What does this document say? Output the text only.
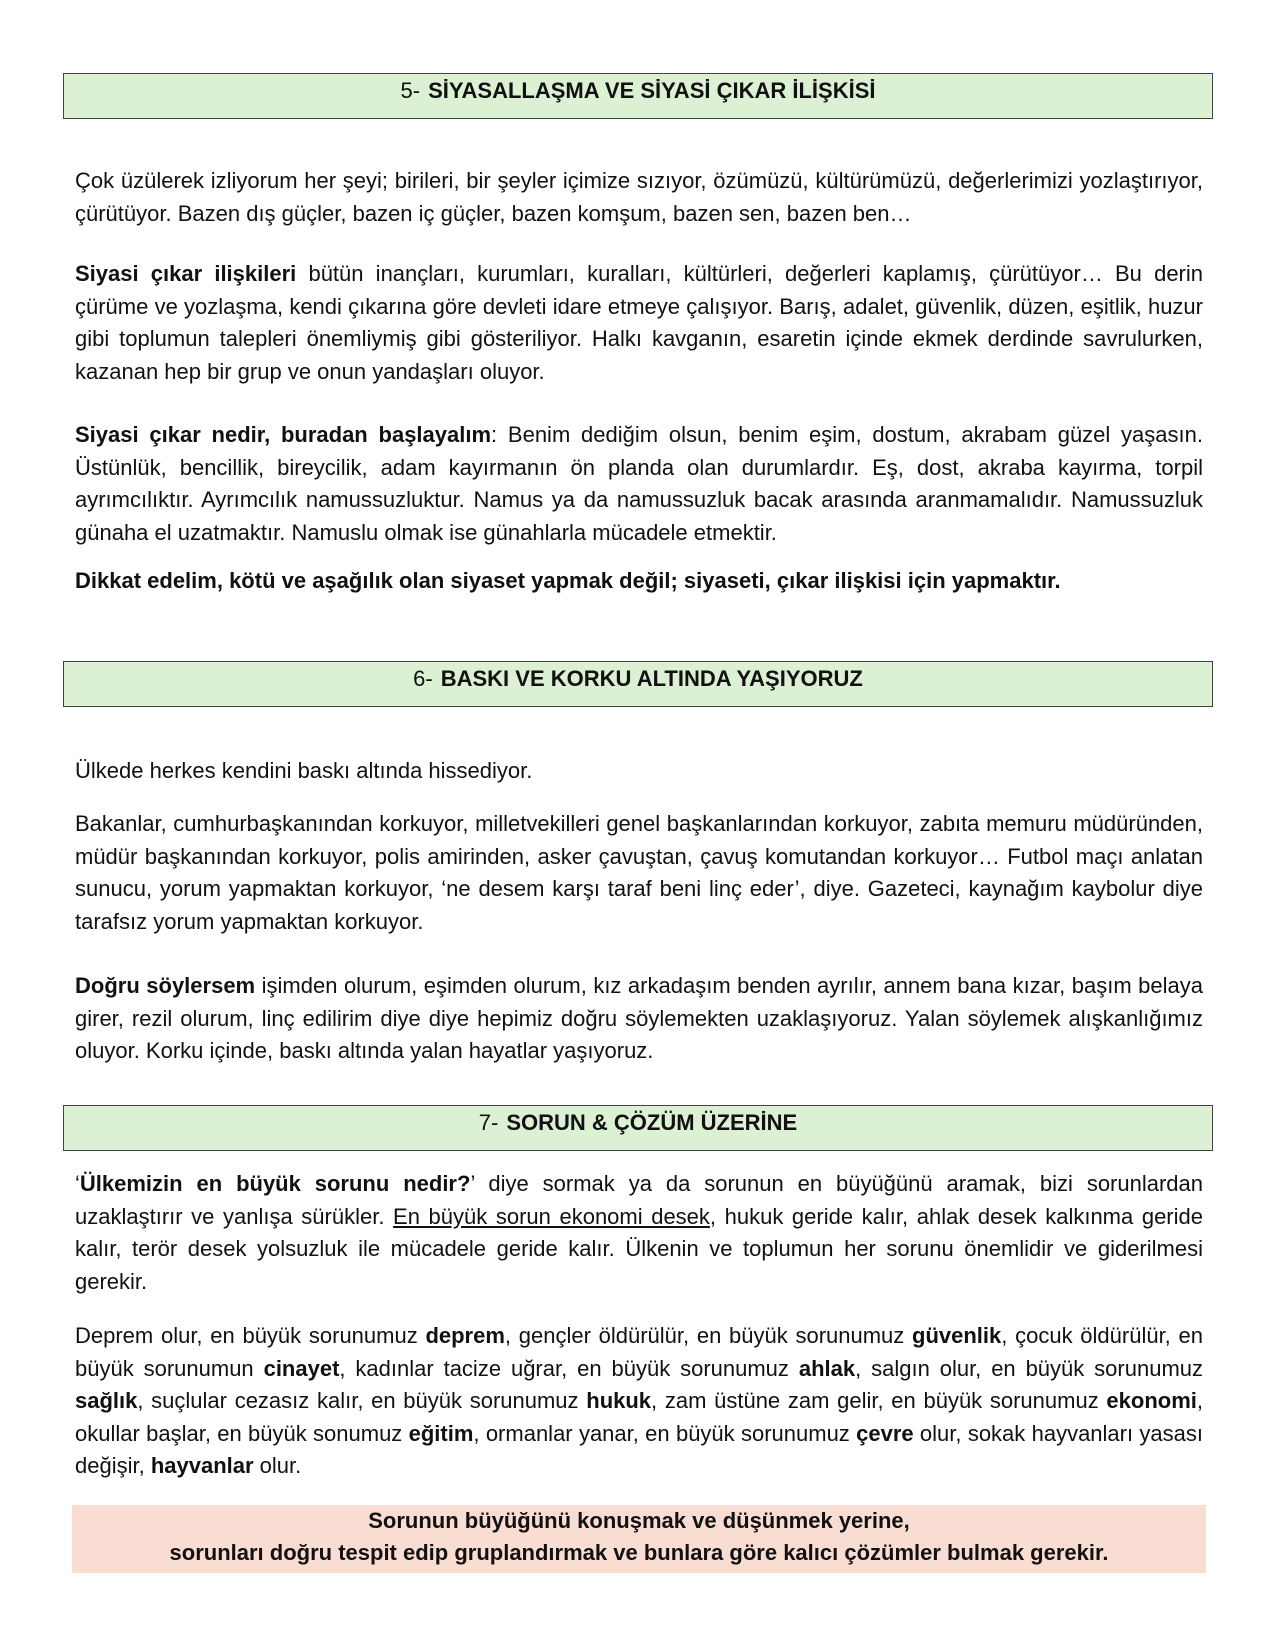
5- SİYASALLAŞMA VE SİYASİ ÇIKAR İLİŞKİSİ

Çok üzülerek izliyorum her şeyi; birileri, bir şeyler içimize sızıyor, özümüzü, kültürümüzü, değerlerimizi yozlaştırıyor, çürütüyor. Bazen dış güçler, bazen iç güçler, bazen komşum, bazen sen, bazen ben…

Siyasi çıkar ilişkileri bütün inançları, kurumları, kuralları, kültürleri, değerleri kaplamış, çürütüyor… Bu derin çürüme ve yozlaşma, kendi çıkarına göre devleti idare etmeye çalışıyor. Barış, adalet, güvenlik, düzen, eşitlik, huzur gibi toplumun talepleri önemliymiş gibi gösteriliyor. Halkı kavganın, esaretin içinde ekmek derdinde savrulurken, kazanan hep bir grup ve onun yandaşları oluyor.

Siyasi çıkar nedir, buradan başlayalım: Benim dediğim olsun, benim eşim, dostum, akrabam güzel yaşasın. Üstünlük, bencillik, bireycilik, adam kayırmanın ön planda olan durumlardır. Eş, dost, akraba kayırma, torpil ayrımcılıktır. Ayrımcılık namussuzluktur. Namus ya da namussuzluk bacak arasında aranmamalıdır. Namussuzluk günaha el uzatmaktır. Namuslu olmak ise günahlarla mücadele etmektir.

Dikkat edelim, kötü ve aşağılık olan siyaset yapmak değil; siyaseti, çıkar ilişkisi için yapmaktır.

6- BASKI VE KORKU ALTINDA YAŞIYORUZ

Ülkede herkes kendini baskı altında hissediyor.

Bakanlar, cumhurbaşkanından korkuyor, milletvekilleri genel başkanlarından korkuyor, zabıta memuru müdüründen, müdür başkanından korkuyor, polis amirinden, asker çavuştan, çavuş komutandan korkuyor… Futbol maçı anlatan sunucu, yorum yapmaktan korkuyor, ‘ne desem karşı taraf beni linç eder’, diye. Gazeteci, kaynağım kaybolur diye tarafsız yorum yapmaktan korkuyor.

Doğru söylersem işimden olurum, eşimden olurum, kız arkadaşım benden ayrılır, annem bana kızar, başım belaya girer, rezil olurum, linç edilirim diye diye hepimiz doğru söylemekten uzaklaşıyoruz. Yalan söylemek alışkanlığımız oluyor. Korku içinde, baskı altında yalan hayatlar yaşıyoruz.

7- SORUN & ÇÖZÜM ÜZERİNE

‘Ülkemizin en büyük sorunu nedir?’ diye sormak ya da sorunun en büyüğünü aramak, bizi sorunlardan uzaklaştırır ve yanlışa sürükler. En büyük sorun ekonomi desek, hukuk geride kalır, ahlak desek kalkınma geride kalır, terör desek yolsuzluk ile mücadele geride kalır. Ülkenin ve toplumun her sorunu önemlidir ve giderilmesi gerekir.

Deprem olur, en büyük sorunumuz deprem, gençler öldürülür, en büyük sorunumuz güvenlik, çocuk öldürülür, en büyük sorunumun cinayet, kadınlar tacize uğrar, en büyük sorunumuz ahlak, salgın olur, en büyük sorunumuz sağlık, suçlular cezasız kalır, en büyük sorunumuz hukuk, zam üstüne zam gelir, en büyük sorunumuz ekonomi, okullar başlar, en büyük sonumuz eğitim, ormanlar yanar, en büyük sorunumuz çevre olur, sokak hayvanları yasası değişir, hayvanlar olur.

Sorunun büyüğünü konuşmak ve düşünmek yerine,
sorunları doğru tespit edip gruplandırmak ve bunlara göre kalıcı çözümler bulmak gerekir.
